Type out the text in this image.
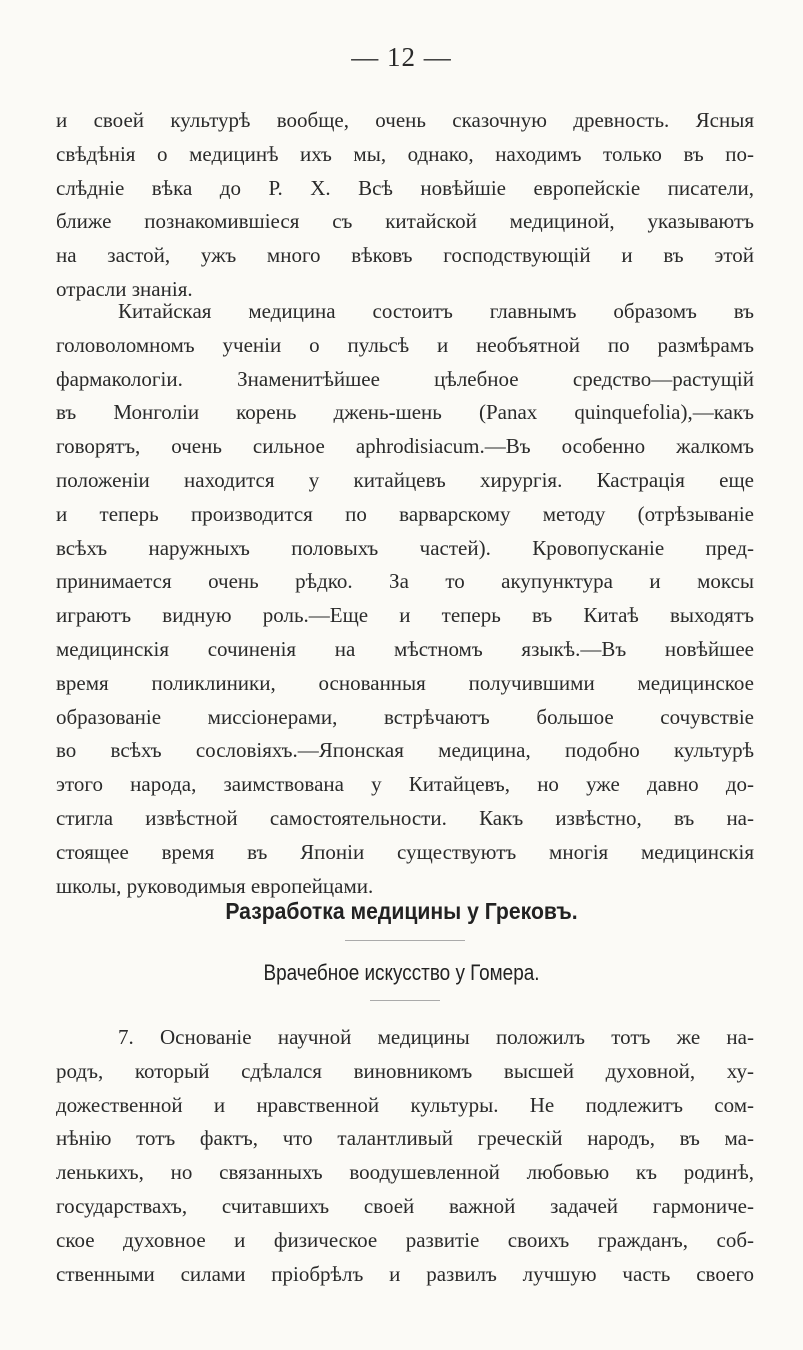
— 12 —
и своей культурѣ вообще, очень сказочную древность. Ясныя
свѣдѣнія о медицинѣ ихъ мы, однако, находимъ только въ по-
слѣдніе вѣка до Р. Х. Всѣ новѣйшіе европейскіе писатели,
ближе познакомившіеся съ китайской медициной, указываютъ
на застой, ужъ много вѣковъ господствующій и въ этой
отрасли знанія.
Китайская медицина состоитъ главнымъ образомъ въ
головоломномъ ученіи о пульсѣ и необъятной по размѣрамъ
фармакологіи. Знаменитѣйшее цѣлебное средство—растущій
въ Монголіи корень джень-шень (Panax quinquefolia),—какъ
говорятъ, очень сильное aphrodisiacum.—Въ особенно жалкомъ
положеніи находится у китайцевъ хирургія. Кастрація еще
и теперь производится по варварскому методу (отрѣзываніе
всѣхъ наружныхъ половыхъ частей). Кровопусканіе пред-
принимается очень рѣдко. За то акупунктура и моксы
играютъ видную роль.—Еще и теперь въ Китаѣ выходятъ
медицинскія сочиненія на мѣстномъ языкѣ.—Въ новѣйшее
время поликлиники, основанныя получившими медицинское
образованіе миссіонерами, встрѣчаютъ большое сочувствіе
во всѣхъ сословіяхъ.—Японская медицина, подобно культурѣ
этого народа, заимствована у Китайцевъ, но уже давно до-
стигла извѣстной самостоятельности. Какъ извѣстно, въ на-
стоящее время въ Японіи существуютъ многія медицинскія
школы, руководимыя европейцами.
Разработка медицины у Грековъ.
Врачебное искусство у Гомера.
7. Основаніе научной медицины положилъ тотъ же на-
родъ, который сдѣлался виновникомъ высшей духовной, ху-
дожественной и нравственной культуры. Не подлежитъ сом-
нѣнію тотъ фактъ, что талантливый греческій народъ, въ ма-
ленькихъ, но связанныхъ воодушевленной любовью къ родинѣ,
государствахъ, считавшихъ своей важной задачей гармониче-
ское духовное и физическое развитіе своихъ гражданъ, соб-
ственными силами пріобрѣлъ и развилъ лучшую часть своего
